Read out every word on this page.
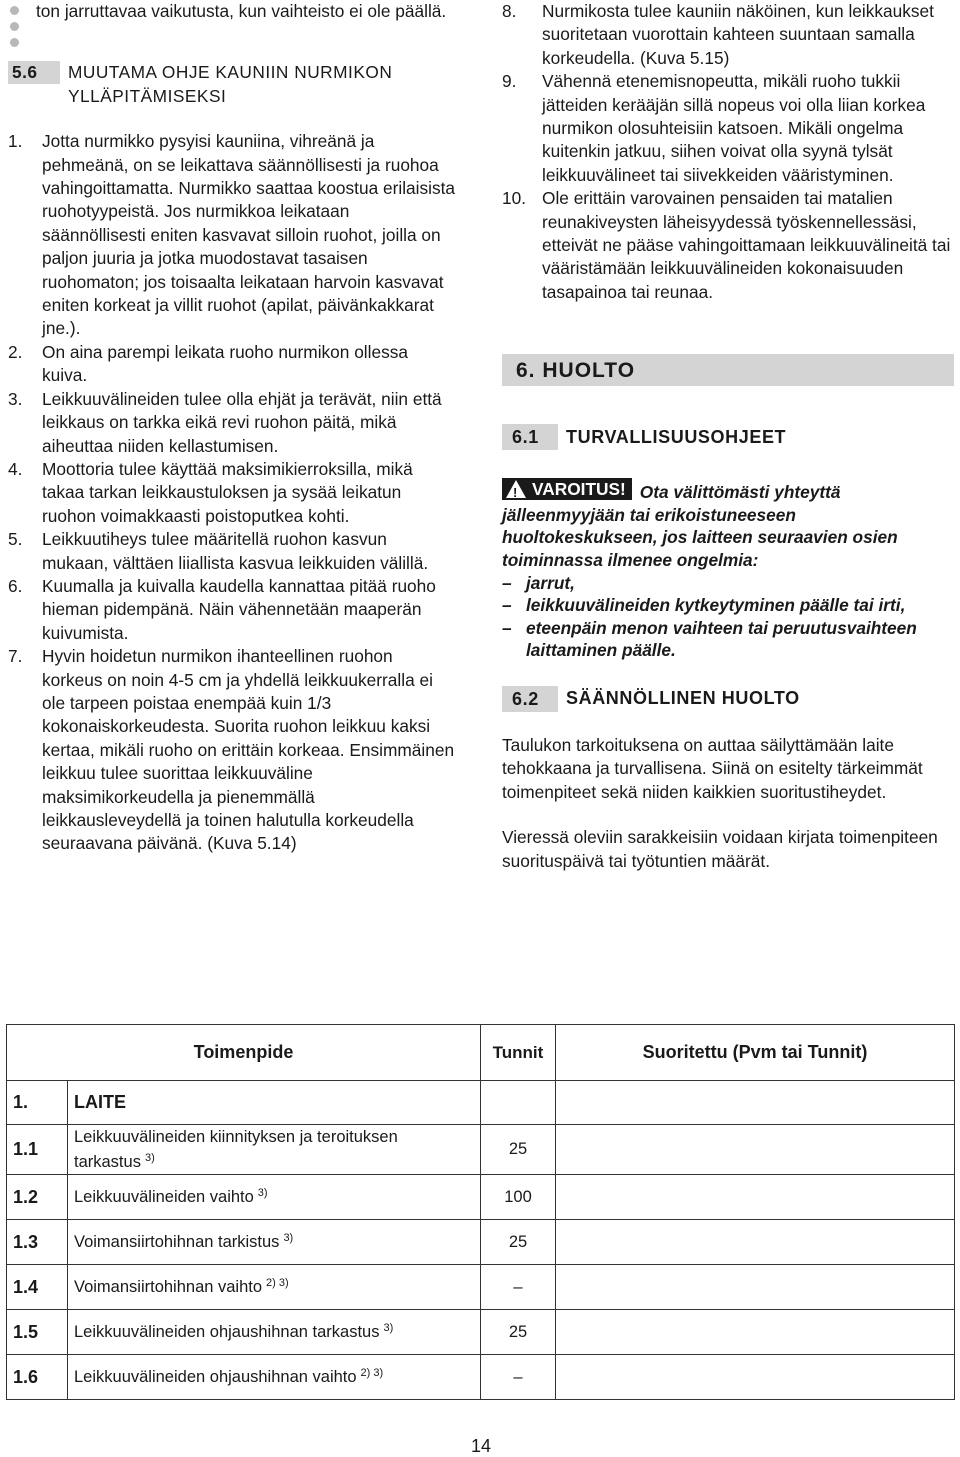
ton jarruttavaa vaikutusta, kun vaihteisto ei ole päällä.

5.6	MUUTAMA OHJE KAUNIIN NURMIKON YLLÄPITÄMISEKSI
1.	Jotta nurmikko pysyisi kauniina, vihreänä ja pehmeänä, on se leikattava säännöllisesti ja ruohoa vahingoittamatta. Nurmikko saattaa koostua erilaisista ruohotyypeistä. Jos nurmikkoa leikataan säännöllisesti eniten kasvavat silloin ruohot, joilla on paljon juuria ja jotka muodostavat tasaisen ruohomaton; jos toisaalta leikataan harvoin kasvavat eniten korkeat ja villit ruohot (apilat, päivänkakkarat jne.).
2.	On aina parempi leikata ruoho nurmikon ollessa kuiva.
3.	Leikkuuvälineiden tulee olla ehjät ja terävät, niin että leikkaus on tarkka eikä revi ruohon päitä, mikä aiheuttaa niiden kellastumisen.
4.	Moottoria tulee käyttää maksimikierroksilla, mikä takaa tarkan leikkaustuloksen ja sysää leikatun ruohon voimakkaasti poistoputkea kohti.
5.	Leikkuutiheys tulee määritellä ruohon kasvun mukaan, välttäen liiallista kasvua leikkuiden välillä.
6.	Kuumalla ja kuivalla kaudella kannattaa pitää ruoho hieman pidempänä. Näin vähennetään maaperän kuivumista.
7.	Hyvin hoidetun nurmikon ihanteellinen ruohon korkeus on noin 4-5 cm ja yhdellä leikkuukerralla ei ole tarpeen poistaa enempää kuin 1/3 kokonaiskorkeudesta. Suorita ruohon leikkuu kaksi kertaa, mikäli ruoho on erittäin korkeaa. Ensimmäinen leikkuu tulee suorittaa leikkuuväline maksimikorkeudella ja pienemmällä leikkausleveydellä ja toinen halutulla korkeudella seuraavana päivänä. (Kuva 5.14)
8.	Nurmikosta tulee kauniin näköinen, kun leikkaukset suoritetaan vuorottain kahteen suuntaan samalla korkeudella. (Kuva 5.15)
9.	Vähennä etenemisnopeutta, mikäli ruoho tukkii jätteiden kerääjän sillä nopeus voi olla liian korkea nurmikon olosuhteisiin katsoen. Mikäli ongelma kuitenkin jatkuu, siihen voivat olla syynä tylsät leikkuuvälineet tai siivekkeiden vääristyminen.
10. Ole erittäin varovainen pensaiden tai matalien reunakiveysten läheisyydessä työskennellessäsi, etteivät ne pääse vahingoittamaan leikkuuvälineitä tai vääristämään leikkuuvälineiden kokonaisuuden tasapainoa tai reunaa.
6.
HUOLTO
6.1	TURVALLISUUSOHJEET
! VAROITUS! Ota välittömästi yhteyttä jälleenmyyjään tai erikoistuneeseen huoltokeskukseen, jos laitteen seuraavien osien toiminnassa ilmenee ongelmia:
– jarrut,
– leikkuuvälineiden kytkeytyminen päälle tai irti,
– eteenpäin menon vaihteen tai peruutusvaihteen laittaminen päälle.
6.2	SÄÄNNÖLLINEN HUOLTO

Taulukon tarkoituksena on auttaa säilyttämään laite tehokkaana ja turvallisena. Siinä on esitelty tärkeimmät toimenpiteet sekä niiden kaikkien suoritustiheydet.

Vieressä oleviin sarakkeisiin voidaan kirjata toimenpiteen suorituspäivä tai työtuntien määrät.

Toimenpide		Tunnit	Suoritettu (Pvm tai Tunnit)
1.	LAITE		
1.1	Leikkuuvälineiden kiinnityksen ja teroituksen tarkastus $^{3)}$	25	
1.2	Leikkuuvälineiden vaihto $^{3)}$	100	
1.3	Voimansiirtohihnan tarkistus $^{3)}$	25	
1.4	Voimansiirtohihnan vaihto $^{2) 3)}$	–	
1.5	Leikkuuvälineiden ohjaushihnan tarkastus $^{3)}$	25	
1.6	Leikkuuvälineiden ohjaushihnan vaihto $^{2) 3)}$	–	
14
